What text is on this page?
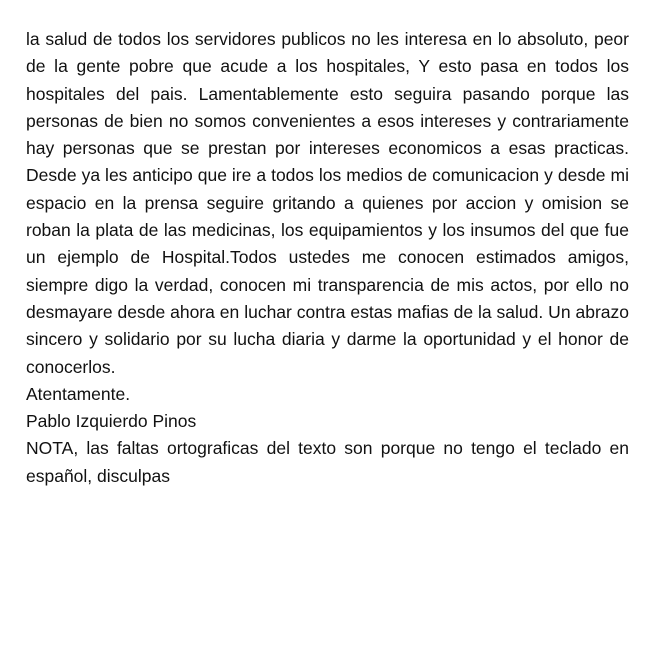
la salud de todos los servidores publicos no les interesa en lo absoluto, peor de la gente pobre que acude a los hospitales, Y esto pasa en todos los hospitales del pais. Lamentablemente esto seguira pasando porque las personas de bien no somos convenientes a esos intereses y contrariamente hay personas que se prestan por intereses economicos a esas practicas. Desde ya les anticipo que ire a todos los medios de comunicacion y desde mi espacio en la prensa seguire gritando a quienes por accion y omision se roban la plata de las medicinas, los equipamientos y los insumos del que fue un ejemplo de Hospital.Todos ustedes me conocen estimados amigos, siempre digo la verdad, conocen mi transparencia de mis actos, por ello no desmayare desde ahora en luchar contra estas mafias de la salud. Un abrazo sincero y solidario por su lucha diaria y darme la oportunidad y el honor de conocerlos.

Atentamente.

Pablo Izquierdo Pinos

NOTA, las faltas ortograficas del texto son porque no tengo el teclado en español, disculpas
